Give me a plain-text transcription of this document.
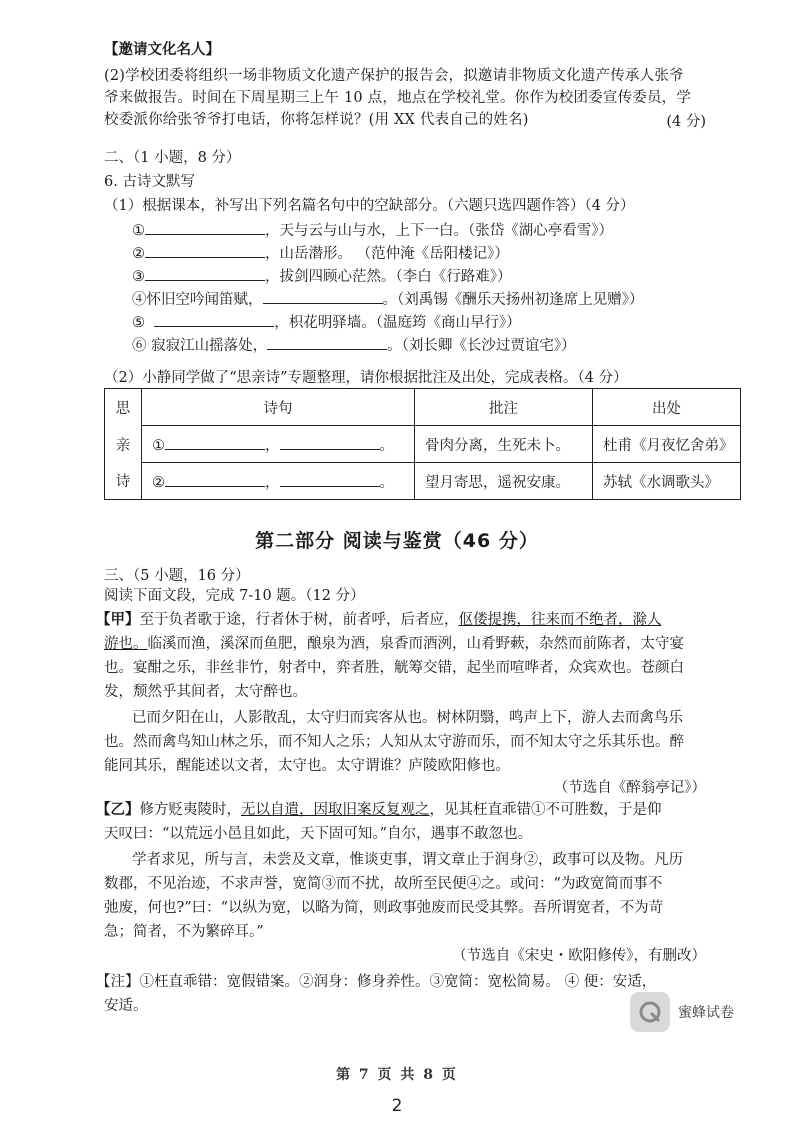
【邀请文化名人】
(2)学校团委将组织一场非物质文化遗产保护的报告会，拟邀请非物质文化遗产传承人张爷
爷来做报告。时间在下周星期三上午 10 点，地点在学校礼堂。你作为校团委宣传委员，学
校委派你给张爷爷打电话，你将怎样说？(用 XX 代表自己的姓名)	(4 分)
二、（1 小题，8 分）
6. 古诗文默写
（1）根据课本，补写出下列名篇名句中的空缺部分。（六题只选四题作答）（4 分）
①	，天与云与山与水，上下一白。（张岱《湖心亭看雪》）
②	，山岳潜形。 （范仲淹《岳阳楼记》）
③	，拔剑四顾心茫然。（李白《行路难》）
④怀旧空吟闻笛赋，	。（刘禹锡《酬乐天扬州初逢席上见赠》）
⑤	，枳花明驿墙。（温庭筠《商山早行》）
⑥ 寂寂江山摇落处，	。（刘长卿《长沙过贾谊宅》）
（2）小静同学做了“思亲诗”专题整理，请你根据批注及出处，完成表格。（4 分）
思	诗句	批注	出处
亲	① ， 。	骨肉分离，生死未卜。	杜甫《月夜忆舍弟》
诗	② ， 。	望月寄思，遥祝安康。	苏轼《水调歌头》
第二部分 阅读与鉴赏（46 分）
三、（5 小题，16 分）
阅读下面文段，完成 7-10 题。（12 分）
【甲】至于负者歌于途，行者休于树，前者呼，后者应，伛偻提携，往来而不绝者，滁人
游也。临溪而渔，溪深而鱼肥，酿泉为酒，泉香而酒洌，山肴野蔌，杂然而前陈者，太守宴
也。宴酣之乐，非丝非竹，射者中，弈者胜，觥筹交错，起坐而喧哗者，众宾欢也。苍颜白
发，颓然乎其间者，太守醉也。
已而夕阳在山，人影散乱，太守归而宾客从也。树林阴翳，鸣声上下，游人去而禽鸟乐
也。然而禽鸟知山林之乐，而不知人之乐；人知从太守游而乐，而不知太守之乐其乐也。醉
能同其乐，醒能述以文者，太守也。太守谓谁？庐陵欧阳修也。
（节选自《醉翁亭记》）
【乙】修方贬夷陵时，无以自遣，因取旧案反复观之，见其枉直乖错①不可胜数，于是仰
天叹曰：“以荒远小邑且如此，天下固可知。”自尔，遇事不敢忽也。
学者求见，所与言，未尝及文章，惟谈吏事，谓文章止于润身②，政事可以及物。凡历
数郡，不见治迹，不求声誉，宽简③而不扰，故所至民便④之。或问：“为政宽简而事不
弛废，何也?”曰：“以纵为宽，以略为简，则政事弛废而民受其弊。吾所谓宽者，不为苛
急；简者，不为繁碎耳。”
（节选自《宋史・欧阳修传》，有删改）
【注】①枉直乖错：宽假错案。②润身：修身养性。③宽简：宽松简易。 ④ 便：安适，
安适。	蜜蜂试卷
第 7 页 共 8 页
2
